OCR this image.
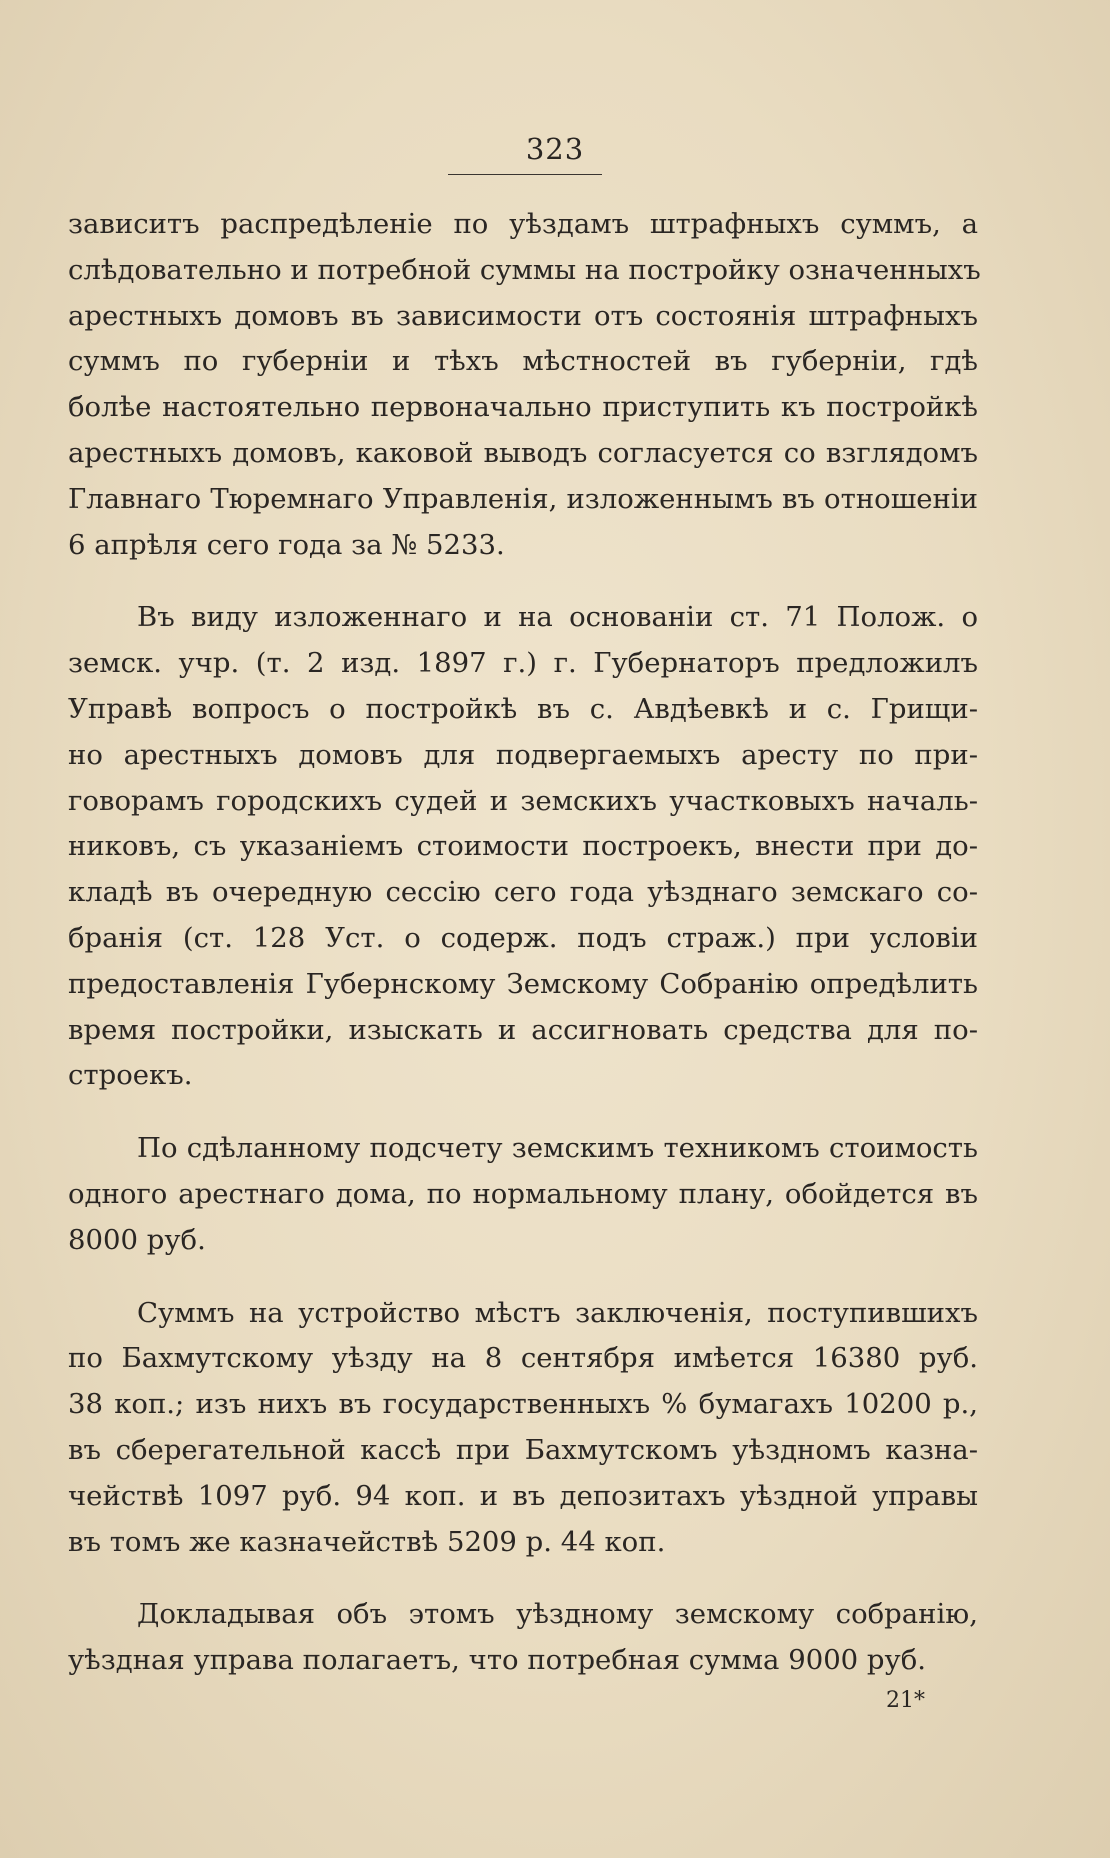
323

зависитъ распредѣленіе по уѣздамъ штрафныхъ суммъ, а
слѣдовательно и потребной суммы на постройку означенныхъ
арестныхъ домовъ въ зависимости отъ состоянія штрафныхъ
суммъ по губерніи и тѣхъ мѣстностей въ губерніи, гдѣ
болѣе настоятельно первоначально приступить къ постройкѣ
арестныхъ домовъ, каковой выводъ согласуется со взглядомъ
Главнаго Тюремнаго Управленія, изложеннымъ въ отношеніи
6 апрѣля сего года за № 5233.

Въ виду изложеннаго и на основаніи ст. 71 Полож. о
земск. учр. (т. 2 изд. 1897 г.) г. Губернаторъ предложилъ
Управѣ вопросъ о постройкѣ въ с. Авдѣевкѣ и с. Грищи-
но арестныхъ домовъ для подвергаемыхъ аресту по при-
говорамъ городскихъ судей и земскихъ участковыхъ началь-
никовъ, съ указаніемъ стоимости построекъ, внести при до-
кладѣ въ очередную сессію сего года уѣзднаго земскаго со-
бранія (ст. 128 Уст. о содерж. подъ страж.) при условіи
предоставленія Губернскому Земскому Собранію опредѣлить
время постройки, изыскать и ассигновать средства для по-
строекъ.

По сдѣланному подсчету земскимъ техникомъ стоимость
одного арестнаго дома, по нормальному плану, обойдется въ
8000 руб.

Суммъ на устройство мѣстъ заключенія, поступившихъ
по Бахмутскому уѣзду на 8 сентября имѣется 16380 руб.
38 коп.; изъ нихъ въ государственныхъ % бумагахъ 10200 р.,
въ сберегательной кассѣ при Бахмутскомъ уѣздномъ казна-
чействѣ 1097 руб. 94 коп. и въ депозитахъ уѣздной управы
въ томъ же казначействѣ 5209 р. 44 коп.

Докладывая объ этомъ уѣздному земскому собранію,
уѣздная управа полагаетъ, что потребная сумма 9000 руб.

21*
